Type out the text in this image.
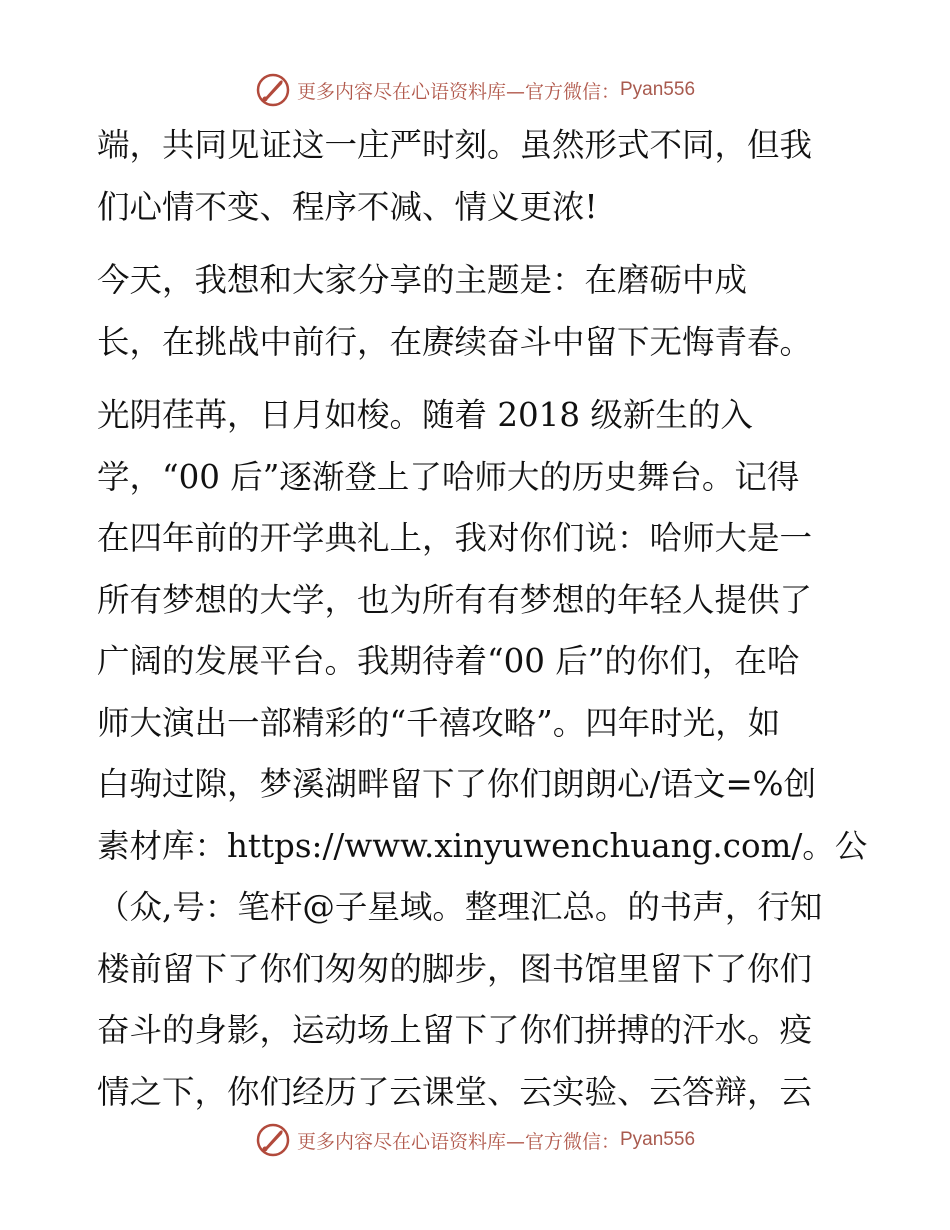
更多内容尽在心语资料库—官方微信： Pyan556

端，共同见证这一庄严时刻。虽然形式不同，但我
们心情不变、程序不减、情义更浓!

今天，我想和大家分享的主题是：在磨砺中成
长，在挑战中前行，在赓续奋斗中留下无悔青春。

光阴荏苒，日月如梭。随着 2018 级新生的入
学，“00 后”逐渐登上了哈师大的历史舞台。记得
在四年前的开学典礼上，我对你们说：哈师大是一
所有梦想的大学，也为所有有梦想的年轻人提供了
广阔的发展平台。我期待着“00 后”的你们，在哈
师大演出一部精彩的“千禧攻略”。四年时光，如
白驹过隙，梦溪湖畔留下了你们朗朗心/语文=%创
素材库：https://www.xinyuwenchuang.com/。公
（众,号：笔杆@子星域。整理汇总。的书声，行知
楼前留下了你们匆匆的脚步，图书馆里留下了你们
奋斗的身影，运动场上留下了你们拼搏的汗水。疫
情之下，你们经历了云课堂、云实验、云答辩，云

更多内容尽在心语资料库—官方微信： Pyan556
